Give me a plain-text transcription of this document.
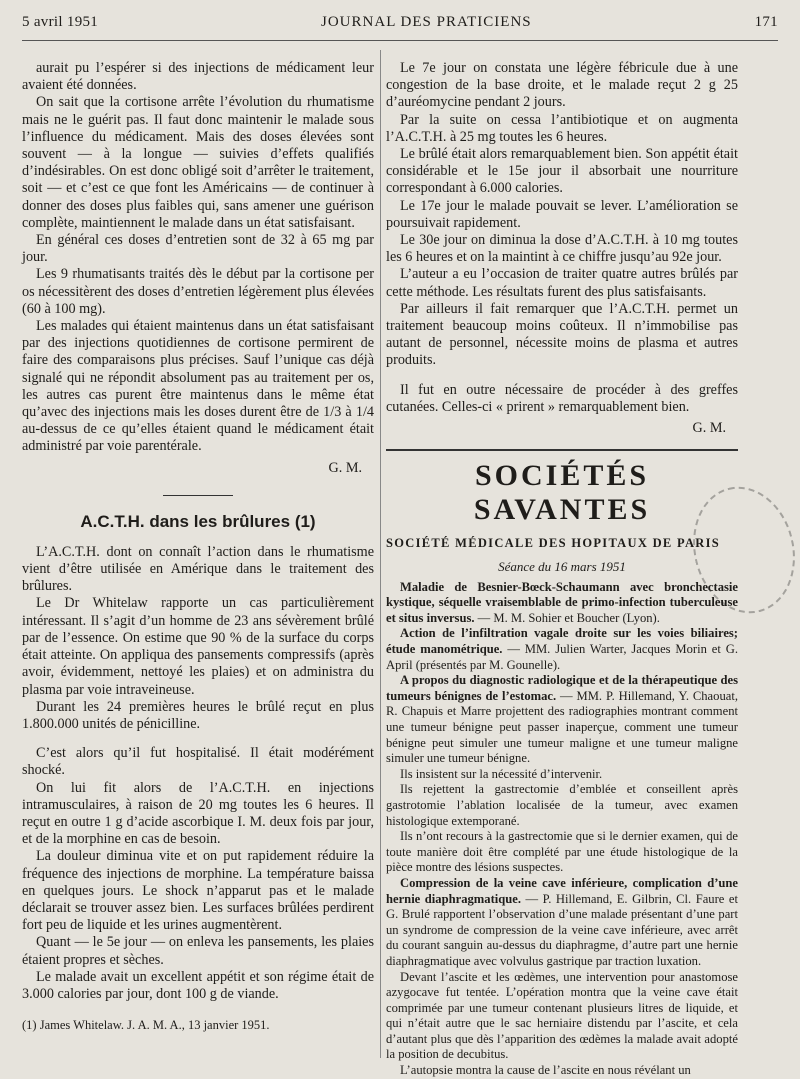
5 avril 1951	JOURNAL DES PRATICIENS	171

aurait pu l’espérer si des injections de médicament leur avaient été données.

On sait que la cortisone arrête l’évolution du rhumatisme mais ne le guérit pas. Il faut donc maintenir le malade sous l’influence du médicament. Mais des doses élevées sont souvent — à la longue — suivies d’effets qualifiés d’indésirables. On est donc obligé soit d’arrêter le traitement, soit — et c’est ce que font les Américains — de continuer à donner des doses plus faibles qui, sans amener une guérison complète, maintiennent le malade dans un état satisfaisant.

En général ces doses d’entretien sont de 32 à 65 mg par jour.

Les 9 rhumatisants traités dès le début par la cortisone per os nécessitèrent des doses d’entretien légèrement plus élevées (60 à 100 mg).

Les malades qui étaient maintenus dans un état satisfaisant par des injections quotidiennes de cortisone permirent de faire des comparaisons plus précises. Sauf l’unique cas déjà signalé qui ne répondit absolument pas au traitement per os, les autres cas purent être maintenus dans le même état qu’avec des injections mais les doses durent être de 1/3 à 1/4 au-dessus de ce qu’elles étaient quand le médicament était administré par voie parentérale.

G. M.

A.C.T.H. dans les brûlures (1)

L’A.C.T.H. dont on connaît l’action dans le rhumatisme vient d’être utilisée en Amérique dans le traitement des brûlures.

Le Dr Whitelaw rapporte un cas particulièrement intéressant. Il s’agit d’un homme de 23 ans sévèrement brûlé par de l’essence. On estime que 90 % de la surface du corps était atteinte. On appliqua des pansements compressifs (après avoir, évidemment, nettoyé les plaies) et on administra du plasma par voie intraveineuse.

Durant les 24 premières heures le brûlé reçut en plus 1.800.000 unités de pénicilline.

C’est alors qu’il fut hospitalisé. Il était modérément shocké.

On lui fit alors de l’A.C.T.H. en injections intramusculaires, à raison de 20 mg toutes les 6 heures. Il reçut en outre 1 g d’acide ascorbique I. M. deux fois par jour, et de la morphine en cas de besoin.

La douleur diminua vite et on put rapidement réduire la fréquence des injections de morphine. La température baissa en quelques jours. Le shock n’apparut pas et le malade déclarait se trouver assez bien. Les surfaces brûlées perdirent fort peu de liquide et les urines augmentèrent.

Quant — le 5e jour — on enleva les pansements, les plaies étaient propres et sèches.

Le malade avait un excellent appétit et son régime était de 3.000 calories par jour, dont 100 g de viande.

(1) James Whitelaw. J. A. M. A., 13 janvier 1951.

Le 7e jour on constata une légère fébricule due à une congestion de la base droite, et le malade reçut 2 g 25 d’auréomycine pendant 2 jours.

Par la suite on cessa l’antibiotique et on augmenta l’A.C.T.H. à 25 mg toutes les 6 heures.

Le brûlé était alors remarquablement bien. Son appétit était considérable et le 15e jour il absorbait une nourriture correspondant à 6.000 calories.

Le 17e jour le malade pouvait se lever. L’amélioration se poursuivait rapidement.

Le 30e jour on diminua la dose d’A.C.T.H. à 10 mg toutes les 6 heures et on la maintint à ce chiffre jusqu’au 92e jour.

L’auteur a eu l’occasion de traiter quatre autres brûlés par cette méthode. Les résultats furent des plus satisfaisants.

Par ailleurs il fait remarquer que l’A.C.T.H. permet un traitement beaucoup moins coûteux. Il n’immobilise pas autant de personnel, nécessite moins de plasma et autres produits.

Il fut en outre nécessaire de procéder à des greffes cutanées. Celles-ci « prirent » remarquablement bien.

G. M.

SOCIÉTÉS SAVANTES

SOCIÉTÉ MÉDICALE DES HOPITAUX DE PARIS

Séance du 16 mars 1951

Maladie de Besnier-Bœck-Schaumann avec bronchectasie kystique, séquelle vraisemblable de primo-infection tuberculeuse et situs inversus. — M. M. Sohier et Boucher (Lyon).

Action de l’infiltration vagale droite sur les voies biliaires; étude manométrique. — MM. Julien Warter, Jacques Morin et G. April (présentés par M. Gounelle).

A propos du diagnostic radiologique et de la thérapeutique des tumeurs bénignes de l’estomac. — MM. P. Hillemand, Y. Chaouat, R. Chapuis et Marre projettent des radiographies montrant comment une tumeur bénigne peut passer inaperçue, comment une tumeur bénigne peut simuler une tumeur maligne et une tumeur maligne simuler une tumeur bénigne.

Ils insistent sur la nécessité d’intervenir.

Ils rejettent la gastrectomie d’emblée et conseillent après gastrotomie l’ablation localisée de la tumeur, avec examen histologique extemporané.

Ils n’ont recours à la gastrectomie que si le dernier examen, qui de toute manière doit être complété par une étude histologique de la pièce montre des lésions suspectes.

Compression de la veine cave inférieure, complication d’une hernie diaphragmatique. — P. Hillemand, E. Gilbrin, Cl. Faure et G. Brulé rapportent l’observation d’une malade présentant d’une part un syndrome de compression de la veine cave inférieure, avec arrêt du courant sanguin au-dessus du diaphragme, d’autre part une hernie diaphragmatique avec volvulus gastrique par traction luxation.

Devant l’ascite et les œdèmes, une intervention pour anastomose azygocave fut tentée. L’opération montra que la veine cave était comprimée par une tumeur contenant plusieurs litres de liquide, et qui n’était autre que le sac herniaire distendu par l’ascite, et cela d’autant plus que dès l’apparition des œdèmes la malade avait adopté la position de decubitus.

L’autopsie montra la cause de l’ascite en nous révélant un
